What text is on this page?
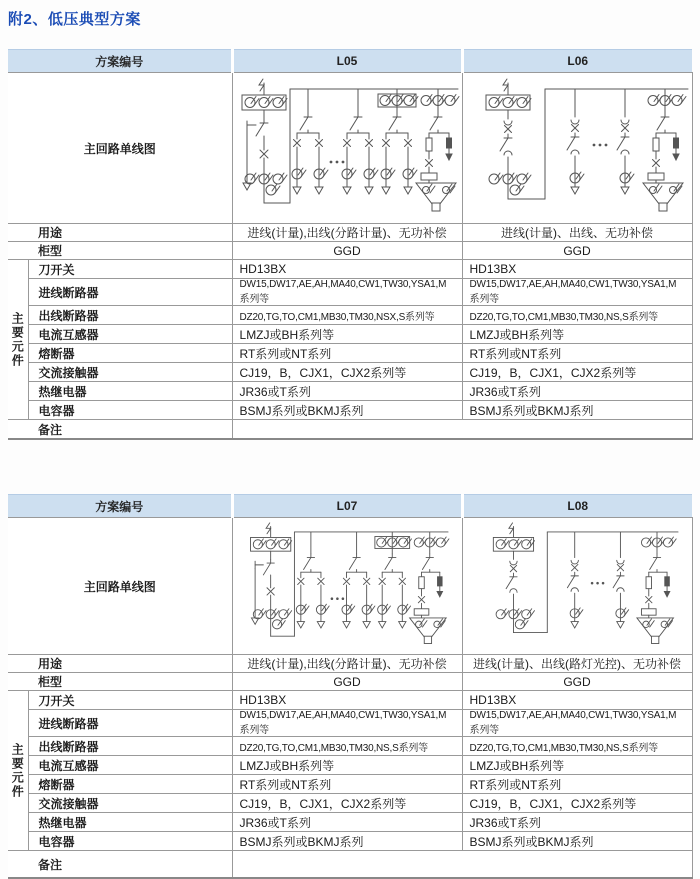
附2、低压典型方案
方案编号		L05	L06
主回路单线图	

用途		进线(计量),出线(分路计量)、无功补偿	进线(计量)、出线、无功补偿
柜型		GGD	GGD
主要元件	刀开关	HD13BX	HD13BX
	进线断路器	DW15,DW17,AE,AH,MA40,CW1,TW30,YSA1,M系列等	DW15,DW17,AE,AH,MA40,CW1,TW30,YSA1,M系列等
	出线断路器	DZ20,TG,TO,CM1,MB30,TM30,NSX,S系列等	DZ20,TG,TO,CM1,MB30,TM30,NS,S系列等
	电流互感器	LMZJ或BH系列等	LMZJ或BH系列等
	熔断器	RT系列或NT系列	RT系列或NT系列
	交流接触器	CJ19，B，CJX1，CJX2系列等	CJ19，B，CJX1，CJX2系列等
	热继电器	JR36或T系列	JR36或T系列
	电容器	BSMJ系列或BKMJ系列	BSMJ系列或BKMJ系列
备注			
方案编号		L07	L08
主回路单线图	

用途		进线(计量),出线(分路计量)、无功补偿	进线(计量)、出线(路灯光控)、无功补偿
柜型		GGD	GGD
主要元件	刀开关	HD13BX	HD13BX
	进线断路器	DW15,DW17,AE,AH,MA40,CW1,TW30,YSA1,M系列等	DW15,DW17,AE,AH,MA40,CW1,TW30,YSA1,M系列等
	出线断路器	DZ20,TG,TO,CM1,MB30,TM30,NS,S系列等	DZ20,TG,TO,CM1,MB30,TM30,NS,S系列等
	电流互感器	LMZJ或BH系列等	LMZJ或BH系列等
	熔断器	RT系列或NT系列	RT系列或NT系列
	交流接触器	CJ19，B，CJX1，CJX2系列等	CJ19，B，CJX1，CJX2系列等
	热继电器	JR36或T系列	JR36或T系列
	电容器	BSMJ系列或BKMJ系列	BSMJ系列或BKMJ系列
备注			
